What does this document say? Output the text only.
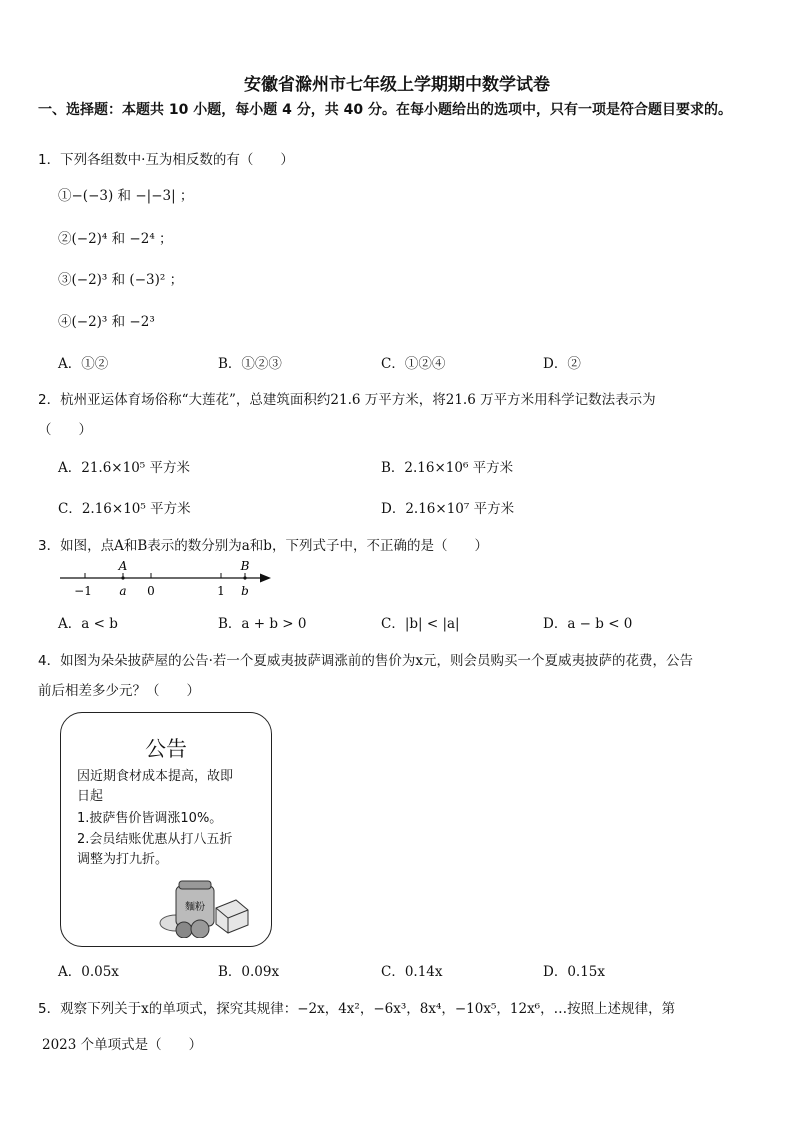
安徽省滁州市七年级上学期期中数学试卷
一、选择题：本题共 10 小题，每小题 4 分，共 40 分。在每小题给出的选项中，只有一项是符合题目要求的。
1．下列各组数中·互为相反数的有（　　）
①−(−3) 和 −|−3| ；
②(−2)⁴ 和 −2⁴ ；
③(−2)³ 和 (−3)² ；
④(−2)³ 和 −2³
A．①②	B．①②③	C．①②④	D．②
2．杭州亚运体育场俗称“大莲花”，总建筑面积约21.6 万平方米，将21.6 万平方米用科学记数法表示为
（　　）
A．21.6×10⁵ 平方米	B．2.16×10⁶ 平方米
C．2.16×10⁵ 平方米	D．2.16×10⁷ 平方米
3．如图，点A和B表示的数分别为a和b，下列式子中，不正确的是（　　）
A	B
−1 a 0	1 b
A．a < b	B．a + b > 0	C．|b| < |a|	D．a − b < 0
4．如图为朵朵披萨屋的公告·若一个夏威夷披萨调涨前的售价为x元，则会员购买一个夏威夷披萨的花费，公告
前后相差多少元？（　　）
公告
因近期食材成本提高，故即
日起
1.披萨售价皆调涨10%。
2.会员结账优惠从打八五折
调整为打九折。
麵粉
A．0.05x	B．0.09x	C．0.14x	D．0.15x
5．观察下列关于x的单项式，探究其规律：−2x，4x²，−6x³，8x⁴，−10x⁵，12x⁶，…按照上述规律，第
2023 个单项式是（　　）
